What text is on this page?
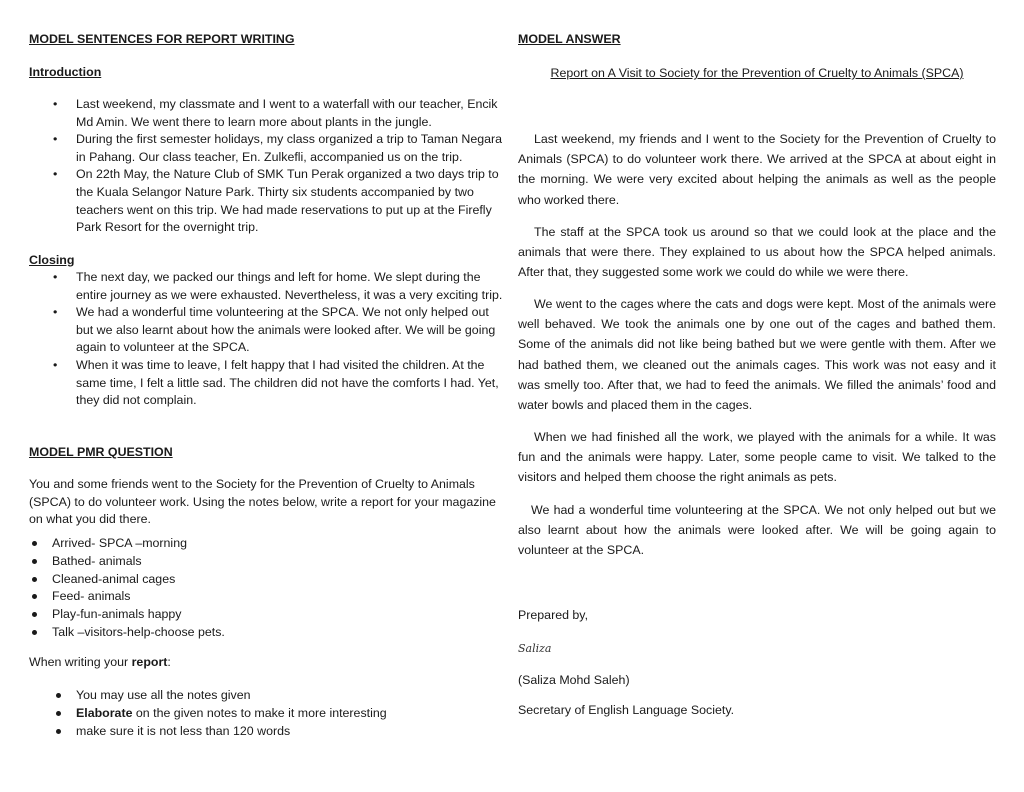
MODEL SENTENCES FOR REPORT WRITING
Introduction
• Last weekend, my classmate and I went to a waterfall with our teacher, Encik Md Amin. We went there to learn more about plants in the jungle.
• During the first semester holidays, my class organized a trip to Taman Negara in Pahang. Our class teacher, En. Zulkefli, accompanied us on the trip.
• On 22th May, the Nature Club of SMK Tun Perak organized a two days trip to the Kuala Selangor Nature Park. Thirty six students accompanied by two teachers went on this trip. We had made reservations to put up at the Firefly Park Resort for the overnight trip.
Closing
• The next day, we packed our things and left for home. We slept during the entire journey as we were exhausted. Nevertheless, it was a very exciting trip.
• We had a wonderful time volunteering at the SPCA. We not only helped out but we also learnt about how the animals were looked after. We will be going again to volunteer at the SPCA.
• When it was time to leave, I felt happy that I had visited the children. At the same time, I felt a little sad. The children did not have the comforts I had. Yet, they did not complain.
MODEL PMR QUESTION
You and some friends went to the Society for the Prevention of Cruelty to Animals (SPCA) to do volunteer work. Using the notes below, write a report for your magazine on what you did there.
Arrived- SPCA –morning
Bathed- animals
Cleaned-animal cages
Feed- animals
Play-fun-animals happy
Talk –visitors-help-choose pets.
When writing your report:
You may use all the notes given
Elaborate on the given notes to make it more interesting
make sure it is not less than 120 words
MODEL ANSWER
Report on A Visit to Society for the Prevention of Cruelty to Animals (SPCA)
Last weekend, my friends and I went to the Society for the Prevention of Cruelty to Animals (SPCA) to do volunteer work there. We arrived at the SPCA at about eight in the morning. We were very excited about helping the animals as well as the people who worked there.
The staff at the SPCA took us around so that we could look at the place and the animals that were there. They explained to us about how the SPCA helped animals. After that, they suggested some work we could do while we were there.
We went to the cages where the cats and dogs were kept. Most of the animals were well behaved. We took the animals one by one out of the cages and bathed them. Some of the animals did not like being bathed but we were gentle with them. After we had bathed them, we cleaned out the animals cages. This work was not easy and it was smelly too. After that, we had to feed the animals. We filled the animals’ food and water bowls and placed them in the cages.
When we had finished all the work, we played with the animals for a while. It was fun and the animals were happy. Later, some people came to visit. We talked to the visitors and helped them choose the right animals as pets.
We had a wonderful time volunteering at the SPCA. We not only helped out but we also learnt about how the animals were looked after. We will be going again to volunteer at the SPCA.
Prepared by,
Saliza
(Saliza Mohd Saleh)
Secretary of English Language Society.
